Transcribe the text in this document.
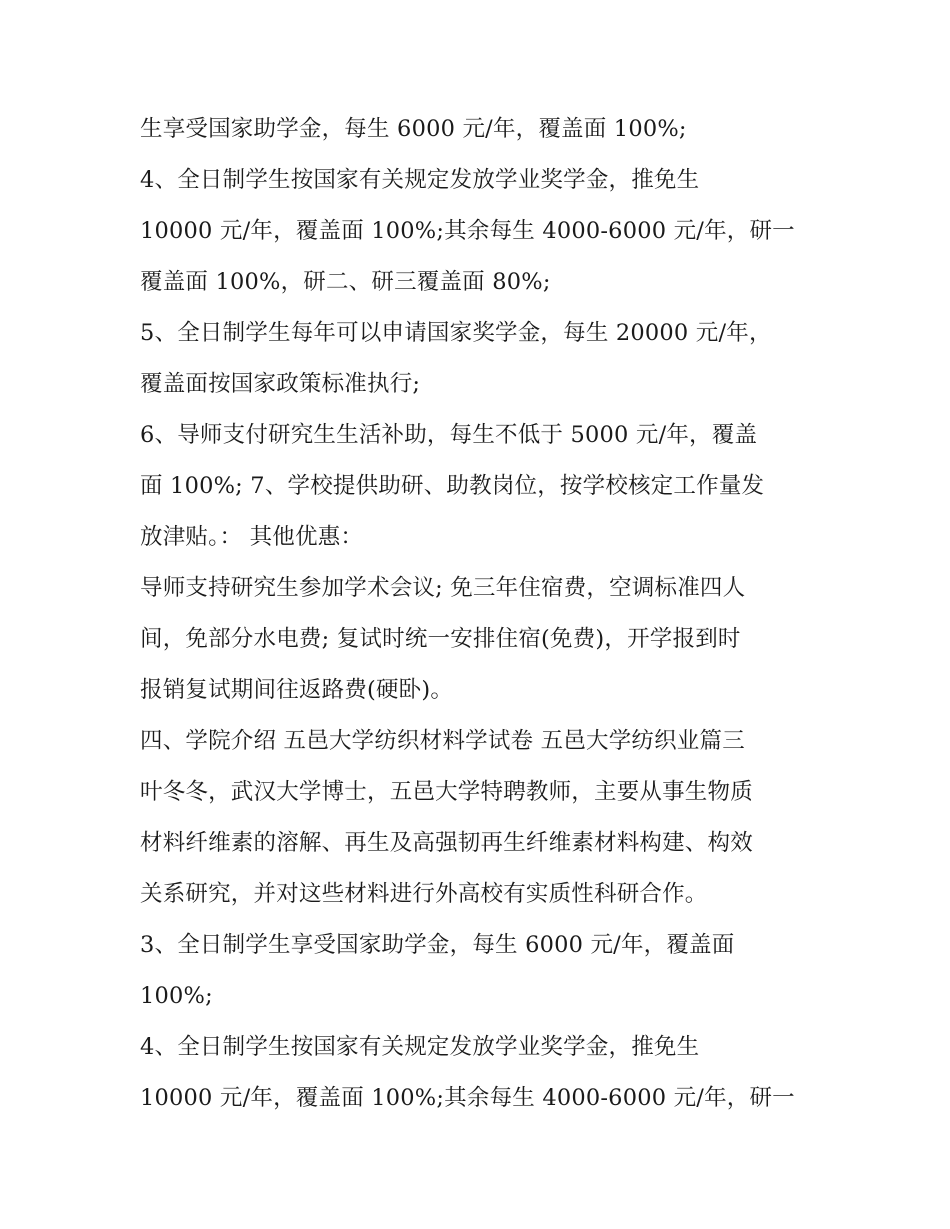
生享受国家助学金，每生 6000 元/年，覆盖面 100%;
4、全日制学生按国家有关规定发放学业奖学金，推免生
10000 元/年，覆盖面 100%;其余每生 4000-6000 元/年，研一
覆盖面 100%，研二、研三覆盖面 80%;
5、全日制学生每年可以申请国家奖学金，每生 20000 元/年，
覆盖面按国家政策标准执行;
6、导师支付研究生生活补助，每生不低于 5000 元/年，覆盖
面 100%; 7、学校提供助研、助教岗位，按学校核定工作量发
放津贴。： 其他优惠：
导师支持研究生参加学术会议; 免三年住宿费，空调标准四人
间，免部分水电费; 复试时统一安排住宿(免费)，开学报到时
报销复试期间往返路费(硬卧)。
四、学院介绍 五邑大学纺织材料学试卷 五邑大学纺织业篇三
叶冬冬，武汉大学博士，五邑大学特聘教师，主要从事生物质
材料纤维素的溶解、再生及高强韧再生纤维素材料构建、构效
关系研究，并对这些材料进行外高校有实质性科研合作。
3、全日制学生享受国家助学金，每生 6000 元/年，覆盖面
100%;
4、全日制学生按国家有关规定发放学业奖学金，推免生
10000 元/年，覆盖面 100%;其余每生 4000-6000 元/年，研一
